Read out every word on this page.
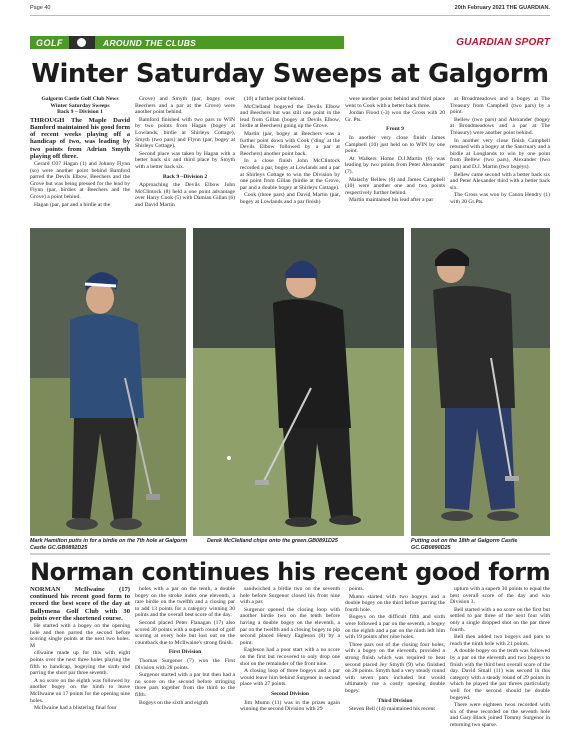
Page 40	20th February 2021 THE GUARDIAN.
GOLF	AROUND THE CLUBS	GUARDIAN SPORT
Winter Saturday Sweeps at Galgorm

Galgorm Castle Golf Club News
Winter Saturday Sweeps
Back 9 – Division 1

THROUGH The Maple David Bamford maintained his good form of recent weeks playing off a handicap of two, was leading by two points from Adrian Smyth playing off three.

Gerard O37 Hagan (1) and Johnny Flynn (so) were another point behind Bamford parred the Devils Elbow, Beechers and the Grove but was being pressed for the lead by Flynn (par, birdies at Beechers and the Grove) a point behind.

Hagan (par, par and a birdie at the

Grove) and Smyth (par, bogey over Beechers and a par at the Grove) were another point behind.

Bamford finished with two pars to WIN by two points from Hagan (bogey at Lowlands, birdie at Shirleys Cottage), Smyth (two pars) and Flynn (par, bogey at Shirleys Cottage).

Second place was taken by Hagan with a better back six and third place by Smyth with a better back six.

Back 9 –Division 2

Approaching the Devils Elbow John McClintock (8) held a one point advantage over Harry Cook (5) with Damian Gillan (6) and David Martin

(10) a further point behind.

McClelland bogeyed the Devils Elbow and Beechers but was still one point in the lead from Gillan (bogey at Devils Elbow, birdie at Beechers) going up the Grove.

Martin (par, bogey at Beechers was a further point down with Cook ('ding' at the Devils Elbow followed by a par at Beechers) another point back.

In a close finish John McClintock recorded a par, bogey at Lowlands and a par at Shirleys Cottage to win the Division by one point from Gillan (birdie at the Grove, par and a double bogey at Shirleys Cottage).

Cook (three pars) and David Martin (par, bogey at Lowlands and a par finish)

were another point behind and third place went to Cook with a better back three.

Jordan Flood (-3) won the Gross with 20 Gr. Pts.

Front 9

In another very close finish James Campbell (10) just held on to WIN by one point.

At Walkers Home D.J.Martin (6) was leading by two points from Peter Alexander (7).

Malachy Bellew (6) and James Campbell (10) were another one and two points respectively further behind.

Martin maintained his lead after a par

at Broadmeadows and a bogey at The Treasury from Campbell (two pars) by a point.

Bellew (two pars) and Alexander (bogey at Broadmeadows and a par at The Treasury) were another point behind.

In another very close finish Campbell returned with a bogey at the Sanctuary and a birdie at Longlands to win by one point from Bellew (two pars), Alexander (two pars) and D.J. Martin (two bogeys).

Bellew came second with a better back six and Peter Alexander third with a better back six.

The Gross was won by Canon Hendry (1) with 20 Gr.Pts.

Mark Hamilton putts in for a birdie on the 7th hole at Galgorm Castle GC.GB0892D25
Derek McClelland chips onto the green.GB0891D25	Putting out on the 18th at Galgorm Castle GC.GB0890D25
Norman continues his recent good form

NORMAN McIlwaine (17) continued his recent good form to record the best score of the day at Ballymena Golf Club with 30 points over the shortened course.

He started with a bogey on the opening hole and then parred the second before scoring single points at the next two holes. M

clIwaine made up for this with eight points over the next three holes playing the fifth to handicap, bogeying the sixth and parring the short par three seventh.

A no score on the eighth was followed by another bogey on the ninth to leave McIlwaine on 17 points for the opening nine holes.

McIlwaine had a blistering final four

holes with a par on the tenth, a double bogey on the stroke index one eleventh, a rare birdie on the twelfth and a closing par to add 13 points for a category winning 30 points and the overall best score of the day.

Second placed Peter Flanagan (17) also scored 30 points with a superb round of golf scoring at every hole but lost out on the countback due to McIlwaine's strong finish.

First Division

Thomas Surgenor (7) won the First Division with 28 points.

Surgenor started with a par but then had a no score on the second before stringing three pars together from the third to the fifth.

Bogeys on the sixth and eighth

sandwiched a birdie two on the seventh hole before Surgenor closed his front nine with a par.

Surgenor opened the closing loop with another birdie two on the tenth before having a double bogey on the eleventh, a par on the twelfth and a closing bogey to pip second placed Henry Eagleson (8) by a point.

Eagleson had a poor start with a no score on the first but recovered to only drop one shot on the remainder of the front nine.

A closing loop of three bogeys and a par would leave him behind Surgenor in second place with 27 points.

Second Division

Jim Mumn (11) was in the prizes again winning the second Division with 29

points.

Mumn started with two bogeys and a double bogey on the third before parring the fourth hole.

Bogeys on the difficult fifth and sixth were followed a par on the seventh, a bogey on the eighth and a par on the ninth left him with 19 points after nine holes.

Three pars out of the closing four holes, with a bogey on the eleventh, provided a strong finish which was required to beat second placed Jey Smyth (9) who finished on 28 points. Smyth had a very steady round with seven pars included but would ultimately rue a costly opening double bogey.

Third Division

Steven Bell (14) maintained his recent

upturn with a superb 30 points to equal the best overall score of the day and win Division 3.

Bell started with a no score on the first but settled to par three of the next four with only a single dropped shot on the par three fourth.

Bell then added two bogeys and pars to reach the ninth hole with 21 points.

A double bogey on the tenth was followed by a par on the eleventh and two bogeys to finish with the third best overall score of the day. David Small (11) was second in this category with a steady round of 29 points in which he played the par threes particularly well for the second should be double bogeyed.

There were eighteen twos recorded with six of these recorded on the seventh hole and Gary Black joined Tommy Surgenor in returning two sparse.
